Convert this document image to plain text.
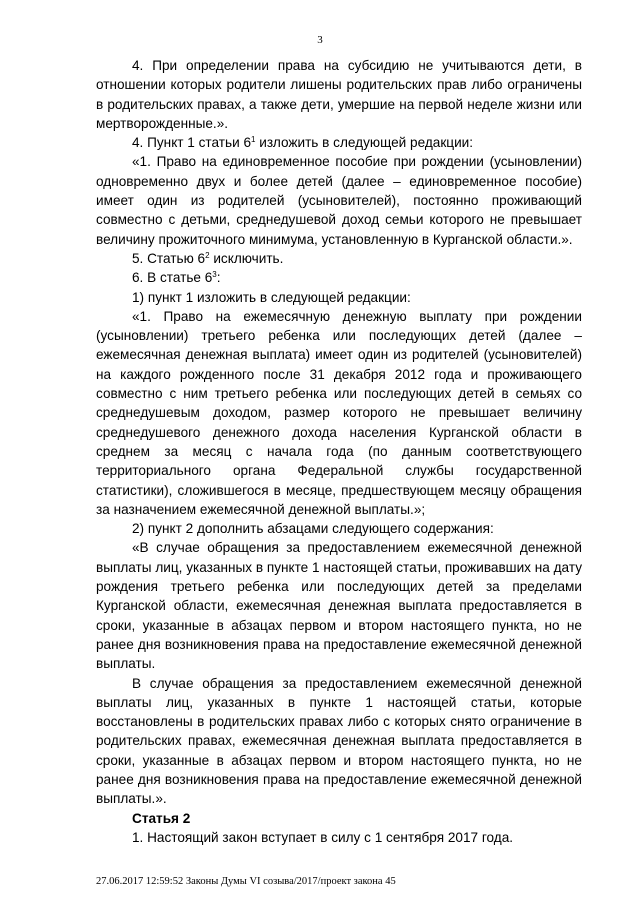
3

4. При определении права на субсидию не учитываются дети, в отношении которых родители лишены родительских прав либо ограничены в родительских правах, а также дети, умершие на первой неделе жизни или мертворожденные.».

4. Пункт 1 статьи $6^1$ изложить в следующей редакции:

«1. Право на единовременное пособие при рождении (усыновлении) одновременно двух и более детей (далее – единовременное пособие) имеет один из родителей (усыновителей), постоянно проживающий совместно с детьми, среднедушевой доход семьи которого не превышает величину прожиточного минимума, установленную в Курганской области.».

5. Статью $6^2$ исключить.

6. В статье $6^3$:

1) пункт 1 изложить в следующей редакции:

«1. Право на ежемесячную денежную выплату при рождении (усыновлении) третьего ребенка или последующих детей (далее – ежемесячная денежная выплата) имеет один из родителей (усыновителей) на каждого рожденного после 31 декабря 2012 года и проживающего совместно с ним третьего ребенка или последующих детей в семьях со среднедушевым доходом, размер которого не превышает величину среднедушевого денежного дохода населения Курганской области в среднем за месяц с начала года (по данным соответствующего территориального органа Федеральной службы государственной статистики), сложившегося в месяце, предшествующем месяцу обращения за назначением ежемесячной денежной выплаты.»;

2) пункт 2 дополнить абзацами следующего содержания:

«В случае обращения за предоставлением ежемесячной денежной выплаты лиц, указанных в пункте 1 настоящей статьи, проживавших на дату рождения третьего ребенка или последующих детей за пределами Курганской области, ежемесячная денежная выплата предоставляется в сроки, указанные в абзацах первом и втором настоящего пункта, но не ранее дня возникновения права на предоставление ежемесячной денежной выплаты.

В случае обращения за предоставлением ежемесячной денежной выплаты лиц, указанных в пункте 1 настоящей статьи, которые восстановлены в родительских правах либо с которых снято ограничение в родительских правах, ежемесячная денежная выплата предоставляется в сроки, указанные в абзацах первом и втором настоящего пункта, но не ранее дня возникновения права на предоставление ежемесячной денежной выплаты.».

Статья 2

1. Настоящий закон вступает в силу с 1 сентября 2017 года.

27.06.2017 12:59:52 Законы Думы VI созыва/2017/проект закона 45
